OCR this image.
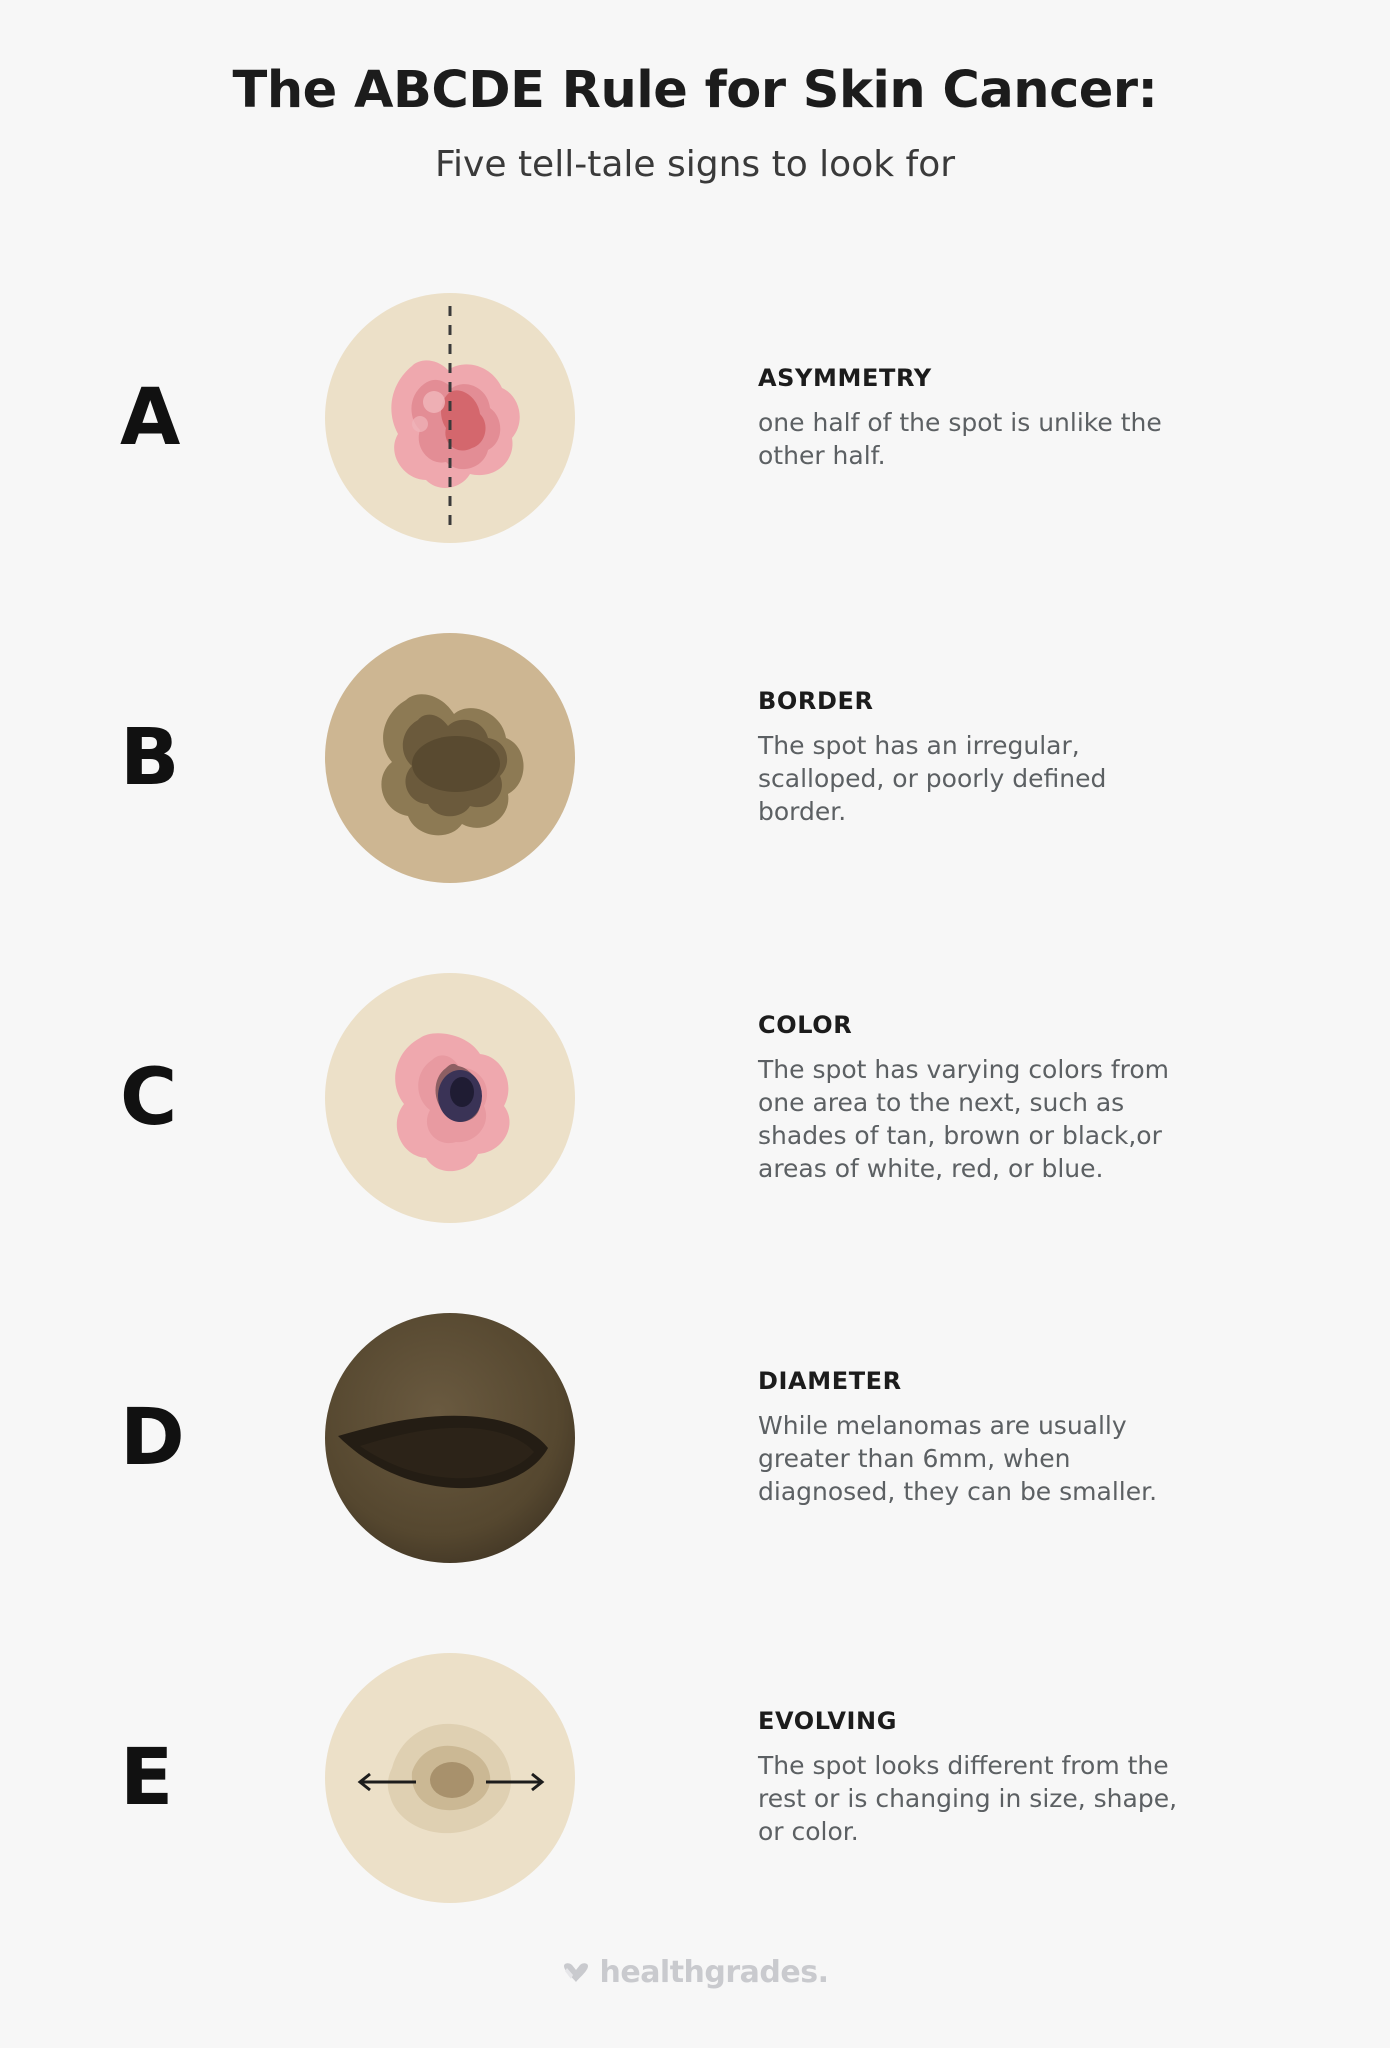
The ABCDE Rule for Skin Cancer:

Five tell-tale signs to look for

A	ASYMMETRY

one half of the spot is unlike the other half.

B
BORDER

The spot has an irregular, scalloped, or poorly defined border.

C
COLOR

The spot has varying colors from one area to the next, such as shades of tan, brown or black,or areas of white, red, or blue.

D
DIAMETER

While melanomas are usually greater than 6mm, when diagnosed, they can be smaller.

E
EVOLVING

The spot looks different from the rest or is changing in size, shape, or color.

healthgrades.
